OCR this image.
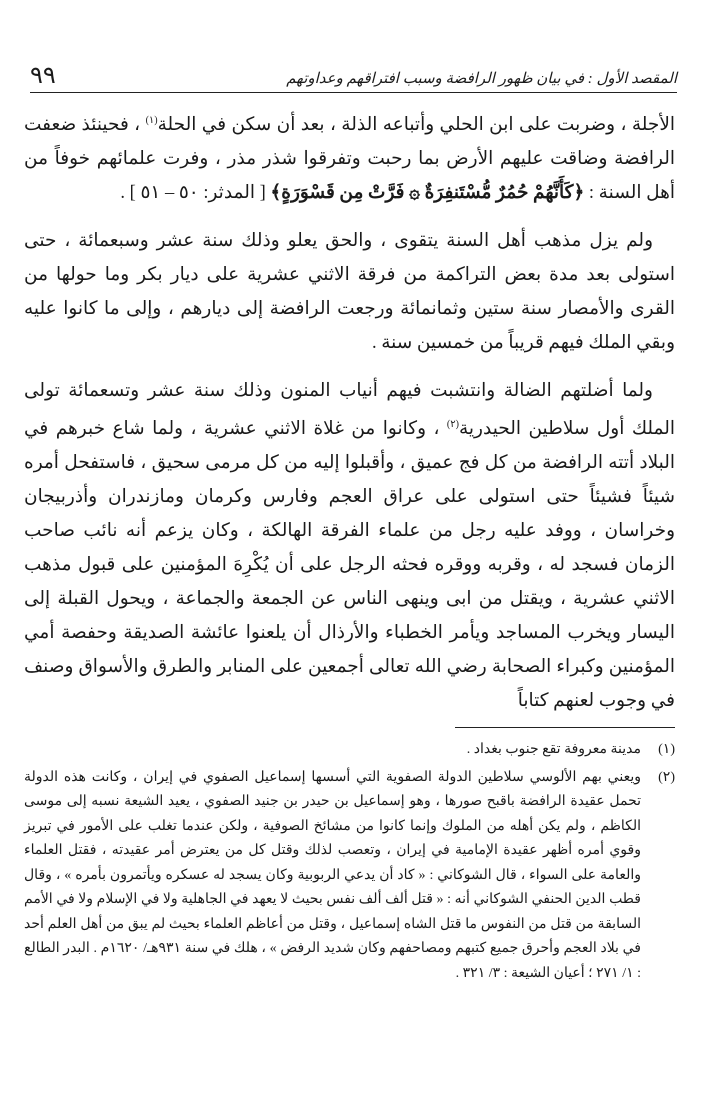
المقصد الأول : في بيان ظهور الرافضة وسبب افتراقهم وعداوتهم
٩٩

الأجلة ، وضربت على ابن الحلي وأتباعه الذلة ، بعد أن سكن في الحلة$^{(١)}$ ، فحينئذ ضعفت الرافضة وضاقت عليهم الأرض بما رحبت وتفرقوا شذر مذر ، وفرت علمائهم خوفاً من أهل السنة : ﴿كَأَنَّهُمْ حُمُرٌ مُّسْتَنفِرَةٌ ۞ فَرَّتْ مِن قَسْوَرَةٍ﴾ [ المدثر: ٥٠ – ٥١ ] .

ولم يزل مذهب أهل السنة يتقوى ، والحق يعلو وذلك سنة عشر وسبعمائة ، حتى استولى بعد مدة بعض التراكمة من فرقة الاثني عشرية على ديار بكر وما حولها من القرى والأمصار سنة ستين وثمانمائة ورجعت الرافضة إلى ديارهم ، وإلى ما كانوا عليه وبقي الملك فيهم قريباً من خمسين سنة .

ولما أضلتهم الضالة وانتشبت فيهم أنياب المنون وذلك سنة عشر وتسعمائة تولى الملك أول سلاطين الحيدرية$^{(٢)}$ ، وكانوا من غلاة الاثني عشرية ، ولما شاع خبرهم في البلاد أتته الرافضة من كل فج عميق ، وأقبلوا إليه من كل مرمى سحيق ، فاستفحل أمره شيئاً فشيئاً حتى استولى على عراق العجم وفارس وكرمان ومازندران وأذربيجان وخراسان ، ووفد عليه رجل من علماء الفرقة الهالكة ، وكان يزعم أنه نائب صاحب الزمان فسجد له ، وقربه ووقره فحثه الرجل على أن يُكْرِهَ المؤمنين على قبول مذهب الاثني عشرية ، ويقتل من ابى وينهى الناس عن الجمعة والجماعة ، ويحول القبلة إلى اليسار ويخرب المساجد ويأمر الخطباء والأرذال أن يلعنوا عائشة الصديقة وحفصة أمي المؤمنين وكبراء الصحابة رضي الله تعالى أجمعين على المنابر والطرق والأسواق وصنف في وجوب لعنهم كتاباً

(١)
مدينة معروفة تقع جنوب بغداد .
(٢)
ويعني بهم الألوسي سلاطين الدولة الصفوية التي أسسها إسماعيل الصفوي في إيران ، وكانت هذه الدولة تحمل عقيدة الرافضة باقبح صورها ، وهو إسماعيل بن حيدر بن جنيد الصفوي ، يعيد الشيعة نسبه إلى موسى الكاظم ، ولم يكن أهله من الملوك وإنما كانوا من مشائخ الصوفية ، ولكن عندما تغلب على الأمور في تبريز وقوي أمره أظهر عقيدة الإمامية في إيران ، وتعصب لذلك وقتل كل من يعترض أمر عقيدته ، فقتل العلماء والعامة على السواء ، قال الشوكاني : « كاد أن يدعي الربوبية وكان يسجد له عسكره ويأتمرون بأمره » ، وقال قطب الدين الحنفي الشوكاني أنه : « قتل ألف ألف نفس بحيث لا يعهد في الجاهلية ولا في الإسلام ولا في الأمم السابقة من قتل من النفوس ما قتل الشاه إسماعيل ، وقتل من أعاظم العلماء بحيث لم يبق من أهل العلم أحد في بلاد العجم وأحرق جميع كتبهم ومصاحفهم وكان شديد الرفض » ، هلك في سنة ٩٣١هـ/ ١٦٢٠م . البدر الطالع : ١/ ٢٧١ ؛ أعيان الشيعة : ٣/ ٣٢١ .
